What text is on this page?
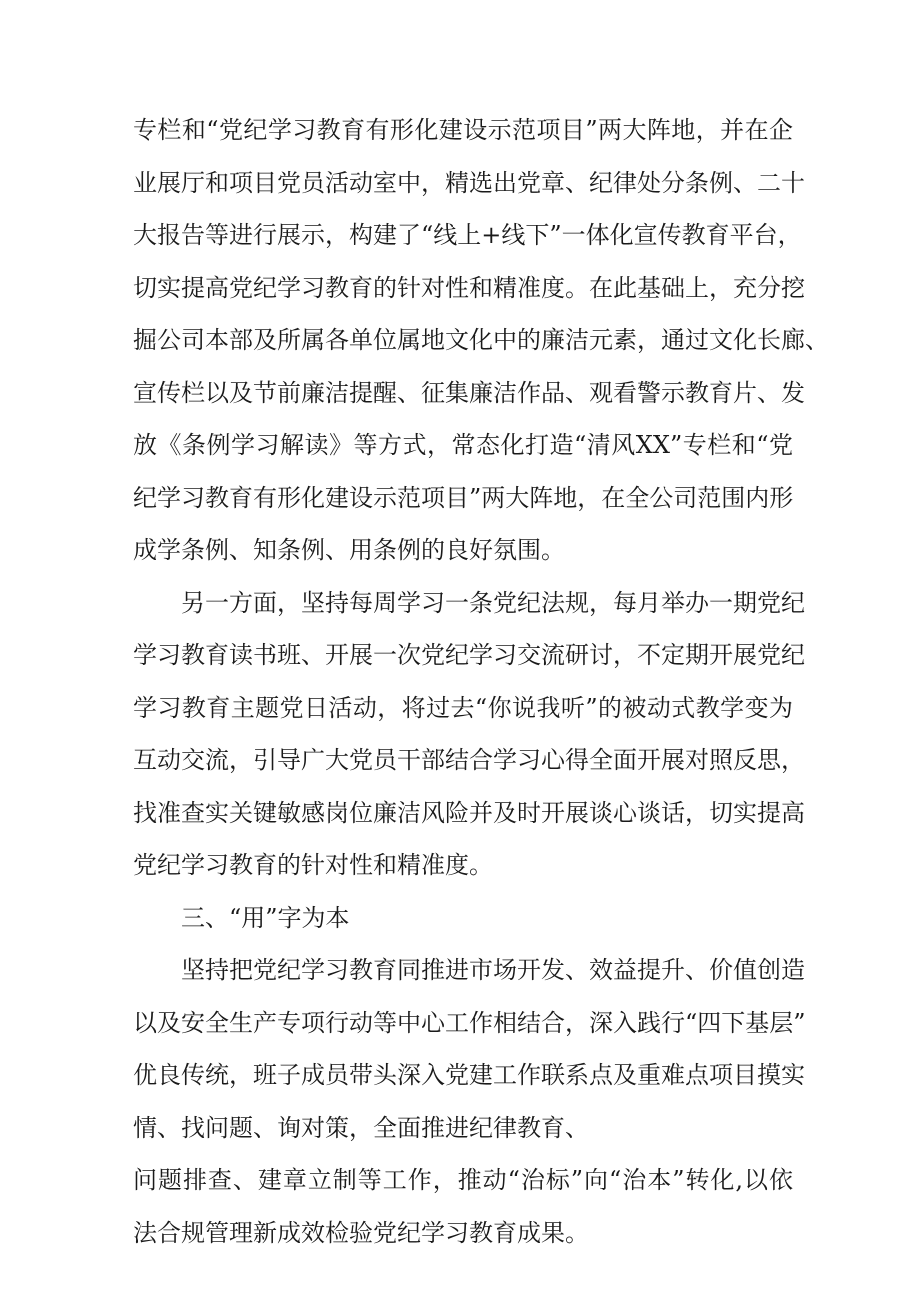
专栏和“党纪学习教育有形化建设示范项目”两大阵地，并在企
业展厅和项目党员活动室中，精选出党章、纪律处分条例、二十
大报告等进行展示，构建了“线上+线下”一体化宣传教育平台，
切实提高党纪学习教育的针对性和精准度。在此基础上，充分挖
掘公司本部及所属各单位属地文化中的廉洁元素，通过文化长廊、
宣传栏以及节前廉洁提醒、征集廉洁作品、观看警示教育片、发
放《条例学习解读》等方式，常态化打造“清风XX”专栏和“党
纪学习教育有形化建设示范项目”两大阵地，在全公司范围内形
成学条例、知条例、用条例的良好氛围。
另一方面，坚持每周学习一条党纪法规，每月举办一期党纪
学习教育读书班、开展一次党纪学习交流研讨，不定期开展党纪
学习教育主题党日活动，将过去“你说我听”的被动式教学变为
互动交流，引导广大党员干部结合学习心得全面开展对照反思，
找准查实关键敏感岗位廉洁风险并及时开展谈心谈话，切实提高
党纪学习教育的针对性和精准度。
三、“用”字为本
坚持把党纪学习教育同推进市场开发、效益提升、价值创造
以及安全生产专项行动等中心工作相结合，深入践行“四下基层”
优良传统，班子成员带头深入党建工作联系点及重难点项目摸实
情、找问题、询对策，全面推进纪律教育、
问题排查、建章立制等工作，推动“治标”向“治本”转化,以依
法合规管理新成效检验党纪学习教育成果。
